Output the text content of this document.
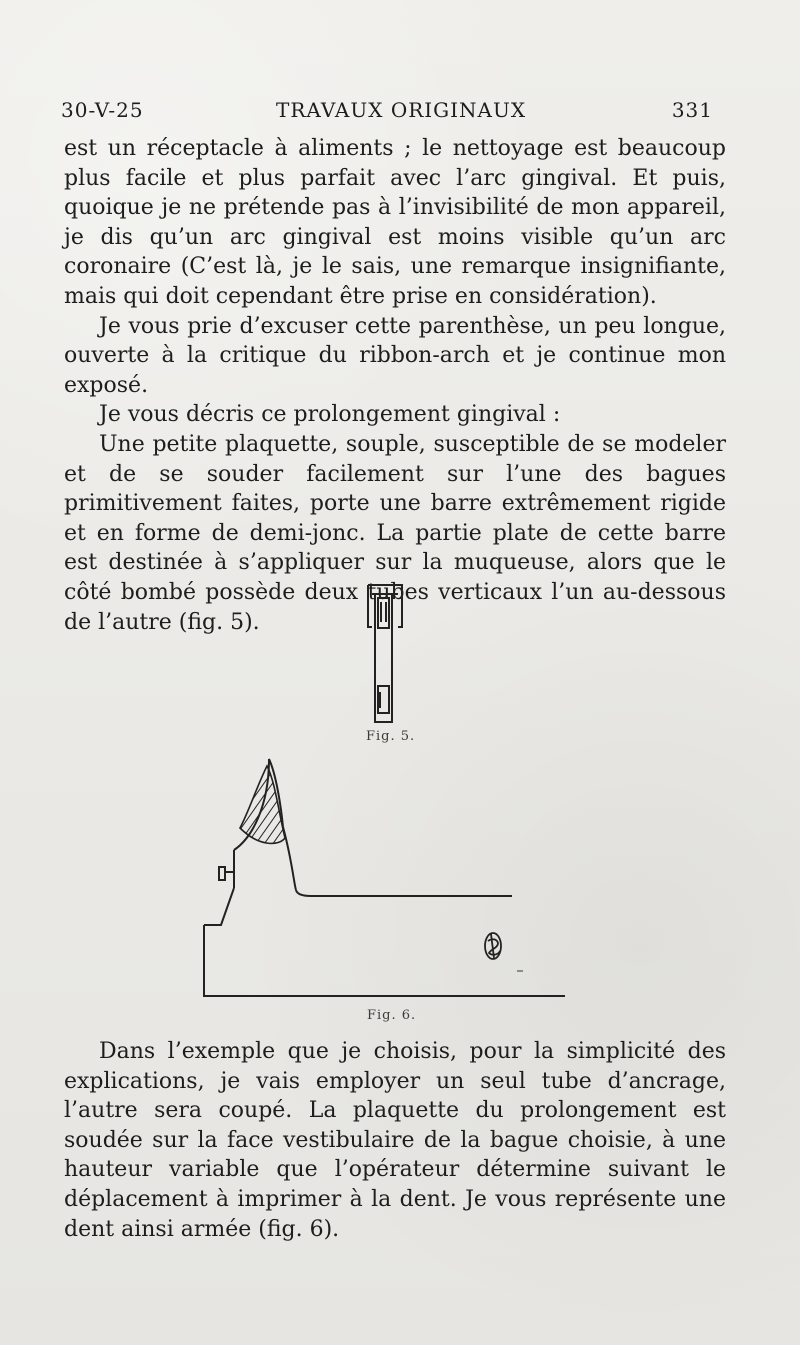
30-V-25	TRAVAUX ORIGINAUX	331

est un réceptacle à aliments ; le nettoyage est beaucoup plus facile et plus parfait avec l’arc gingival. Et puis, quoique je ne prétende pas à l’invisibilité de mon appareil, je dis qu’un arc gingival est moins visible qu’un arc coronaire (C’est là, je le sais, une remarque insignifiante, mais qui doit cependant être prise en considération).

Je vous prie d’excuser cette parenthèse, un peu longue, ouverte à la critique du ribbon-arch et je continue mon exposé.

Je vous décris ce prolongement gingival :

Une petite plaquette, souple, susceptible de se modeler et de se souder facilement sur l’une des bagues primitivement faites, porte une barre extrêmement rigide et en forme de demi-jonc. La partie plate de cette barre est destinée à s’appliquer sur la muqueuse, alors que le côté bombé possède deux tubes verticaux l’un au-dessous de l’autre (fig. 5).

Fig. 5.
Fig. 6.

Dans l’exemple que je choisis, pour la simplicité des explications, je vais employer un seul tube d’ancrage, l’autre sera coupé. La plaquette du prolongement est soudée sur la face vestibulaire de la bague choisie, à une hauteur variable que l’opérateur détermine suivant le déplacement à imprimer à la dent. Je vous représente une dent ainsi armée (fig. 6).
